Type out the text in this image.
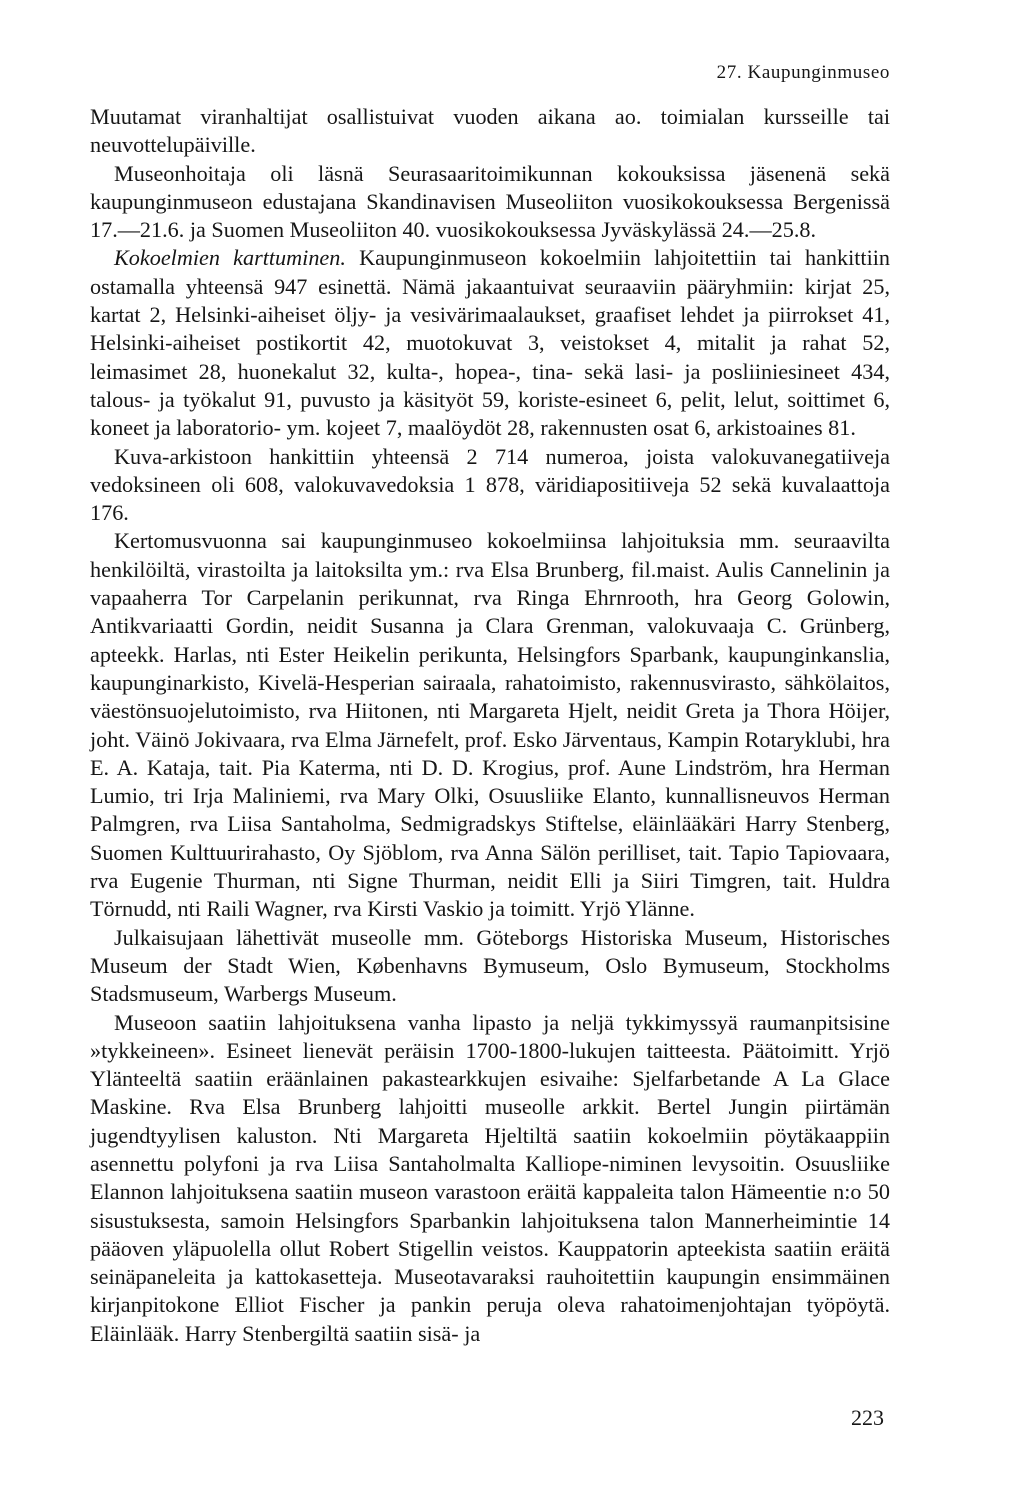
27. Kaupunginmuseo

Muutamat viranhaltijat osallistuivat vuoden aikana ao. toimialan kursseille tai neuvottelupäiville.

Museonhoitaja oli läsnä Seurasaaritoimikunnan kokouksissa jäsenenä sekä kaupunginmuseon edustajana Skandinavisen Museoliiton vuosikokouksessa Bergenissä 17.—21.6. ja Suomen Museoliiton 40. vuosikokouksessa Jyväskylässä 24.—25.8.

Kokoelmien karttuminen. Kaupunginmuseon kokoelmiin lahjoitettiin tai hankittiin ostamalla yhteensä 947 esinettä. Nämä jakaantuivat seuraaviin pääryhmiin: kirjat 25, kartat 2, Helsinki-aiheiset öljy- ja vesivärimaalaukset, graafiset lehdet ja piirrokset 41, Helsinki-aiheiset postikortit 42, muotokuvat 3, veistokset 4, mitalit ja rahat 52, leimasimet 28, huonekalut 32, kulta-, hopea-, tina- sekä lasi- ja posliiniesineet 434, talous- ja työkalut 91, puvusto ja käsityöt 59, koriste-esineet 6, pelit, lelut, soittimet 6, koneet ja laboratorio- ym. kojeet 7, maalöydöt 28, rakennusten osat 6, arkistoaines 81.

Kuva-arkistoon hankittiin yhteensä 2 714 numeroa, joista valokuvanegatiiveja vedoksineen oli 608, valokuvavedoksia 1 878, väridiapositiiveja 52 sekä kuvalaattoja 176.

Kertomusvuonna sai kaupunginmuseo kokoelmiinsa lahjoituksia mm. seuraavilta henkilöiltä, virastoilta ja laitoksilta ym.: rva Elsa Brunberg, fil.maist. Aulis Cannelinin ja vapaaherra Tor Carpelanin perikunnat, rva Ringa Ehrnrooth, hra Georg Golowin, Antikvariaatti Gordin, neidit Susanna ja Clara Grenman, valokuvaaja C. Grünberg, apteekk. Harlas, nti Ester Heikelin perikunta, Helsingfors Sparbank, kaupunginkanslia, kaupunginarkisto, Kivelä-Hesperian sairaala, rahatoimisto, rakennusvirasto, sähkölaitos, väestönsuojelutoimisto, rva Hiitonen, nti Margareta Hjelt, neidit Greta ja Thora Höijer, joht. Väinö Jokivaara, rva Elma Järnefelt, prof. Esko Järventaus, Kampin Rotaryklubi, hra E. A. Kataja, tait. Pia Katerma, nti D. D. Krogius, prof. Aune Lindström, hra Herman Lumio, tri Irja Maliniemi, rva Mary Olki, Osuusliike Elanto, kunnallisneuvos Herman Palmgren, rva Liisa Santaholma, Sedmigradskys Stiftelse, eläinlääkäri Harry Stenberg, Suomen Kulttuurirahasto, Oy Sjöblom, rva Anna Sälön perilliset, tait. Tapio Tapiovaara, rva Eugenie Thurman, nti Signe Thurman, neidit Elli ja Siiri Timgren, tait. Huldra Törnudd, nti Raili Wagner, rva Kirsti Vaskio ja toimitt. Yrjö Ylänne.

Julkaisujaan lähettivät museolle mm. Göteborgs Historiska Museum, Historisches Museum der Stadt Wien, Københavns Bymuseum, Oslo Bymuseum, Stockholms Stadsmuseum, Warbergs Museum.

Museoon saatiin lahjoituksena vanha lipasto ja neljä tykkimyssyä raumanpitsisine »tykkeineen». Esineet lienevät peräisin 1700-1800-lukujen taitteesta. Päätoimitt. Yrjö Ylänteeltä saatiin eräänlainen pakastearkkujen esivaihe: Sjelfarbetande A La Glace Maskine. Rva Elsa Brunberg lahjoitti museolle arkkit. Bertel Jungin piirtämän jugendtyylisen kaluston. Nti Margareta Hjeltiltä saatiin kokoelmiin pöytäkaappiin asennettu polyfoni ja rva Liisa Santaholmalta Kalliope-niminen levysoitin. Osuusliike Elannon lahjoituksena saatiin museon varastoon eräitä kappaleita talon Hämeentie n:o 50 sisustuksesta, samoin Helsingfors Sparbankin lahjoituksena talon Mannerheimintie 14 pääoven yläpuolella ollut Robert Stigellin veistos. Kauppatorin apteekista saatiin eräitä seinäpaneleita ja kattokasetteja. Museotavaraksi rauhoitettiin kaupungin ensimmäinen kirjanpitokone Elliot Fischer ja pankin peruja oleva rahatoimenjohtajan työpöytä. Eläinlääk. Harry Stenbergiltä saatiin sisä- ja

223
